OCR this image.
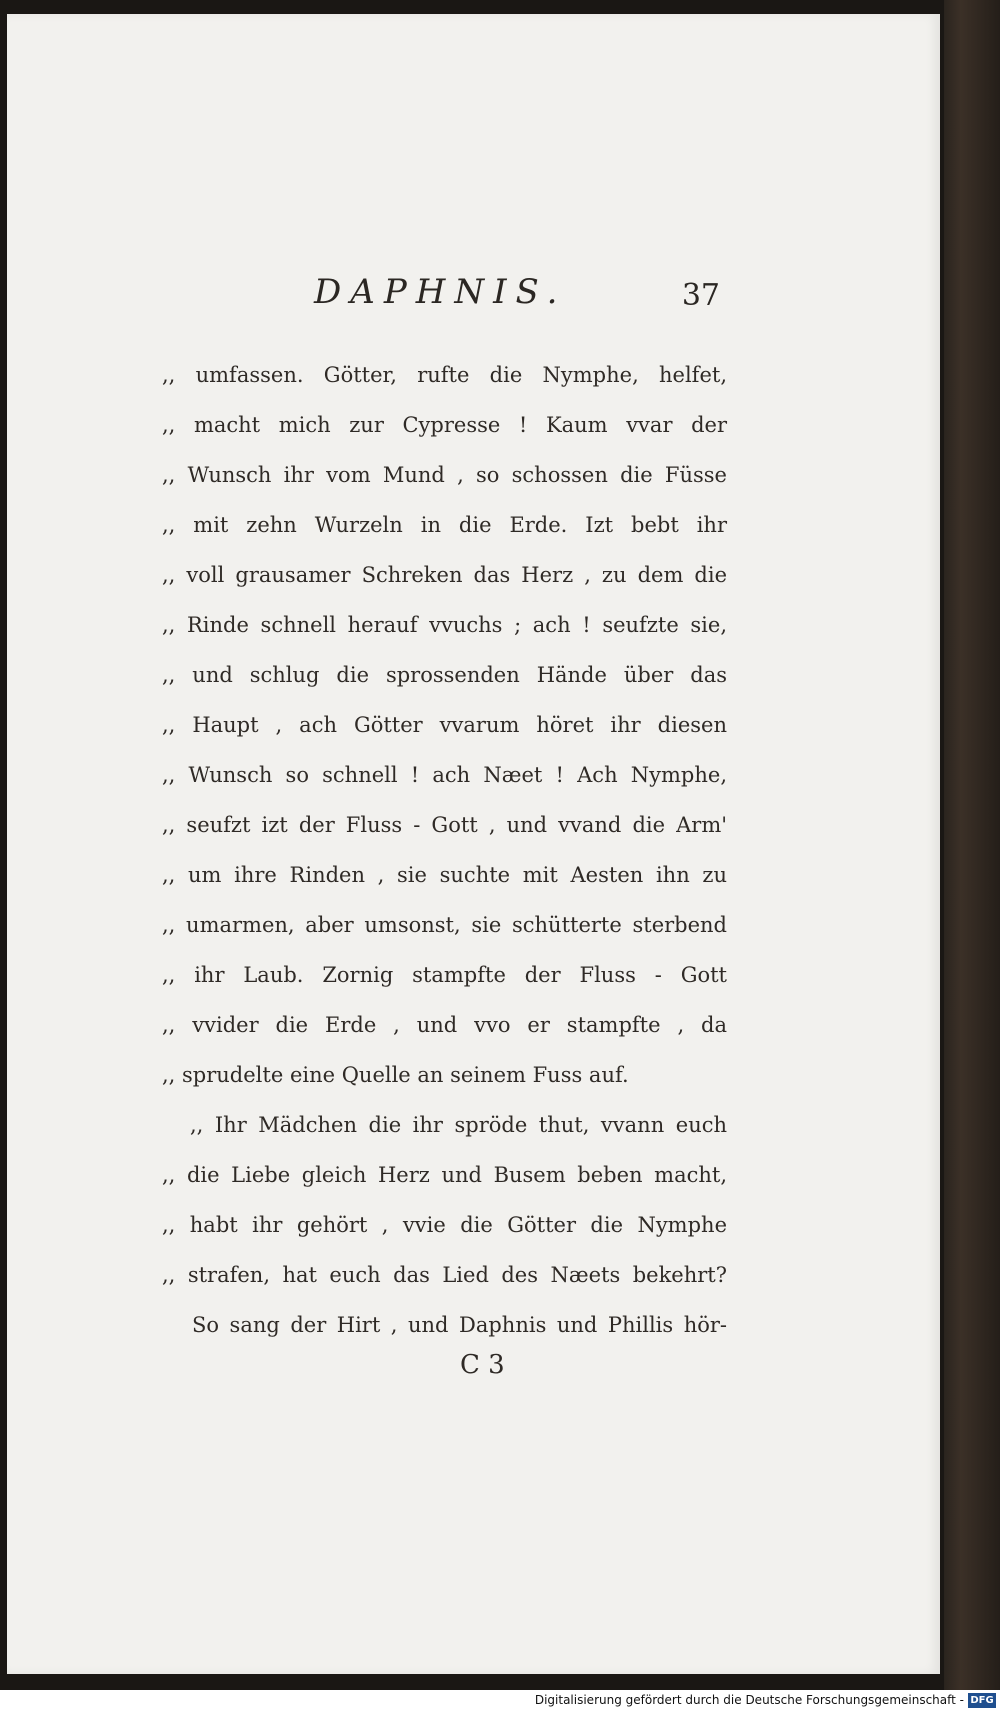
DAPHNIS.	37
,, umfassen. Götter, rufte die Nymphe, helfet,
,, macht mich zur Cypresse ! Kaum vvar der
,, Wunsch ihr vom Mund , so schossen die Füsse
,, mit zehn Wurzeln in die Erde. Izt bebt ihr
,, voll grausamer Schreken das Herz , zu dem die
,, Rinde schnell herauf vvuchs ; ach ! seufzte sie,
,, und schlug die sprossenden Hände über das
,, Haupt , ach Götter vvarum höret ihr diesen
,, Wunsch so schnell ! ach Næet ! Ach Nymphe,
,, seufzt izt der Fluss - Gott , und vvand die Arm'
,, um ihre Rinden , sie suchte mit Aesten ihn zu
,, umarmen, aber umsonst, sie schütterte sterbend
,, ihr Laub. Zornig stampfte der Fluss - Gott
,, vvider die Erde , und vvo er stampfte , da
,, sprudelte eine Quelle an seinem Fuss auf.
,, Ihr Mädchen die ihr spröde thut, vvann euch
,, die Liebe gleich Herz und Busem beben macht,
,, habt ihr gehört , vvie die Götter die Nymphe
,, strafen, hat euch das Lied des Næets bekehrt?
So sang der Hirt , und Daphnis und Phillis hör-
C 3
Digitalisierung gefördert durch die Deutsche Forschungsgemeinschaft - DFG
